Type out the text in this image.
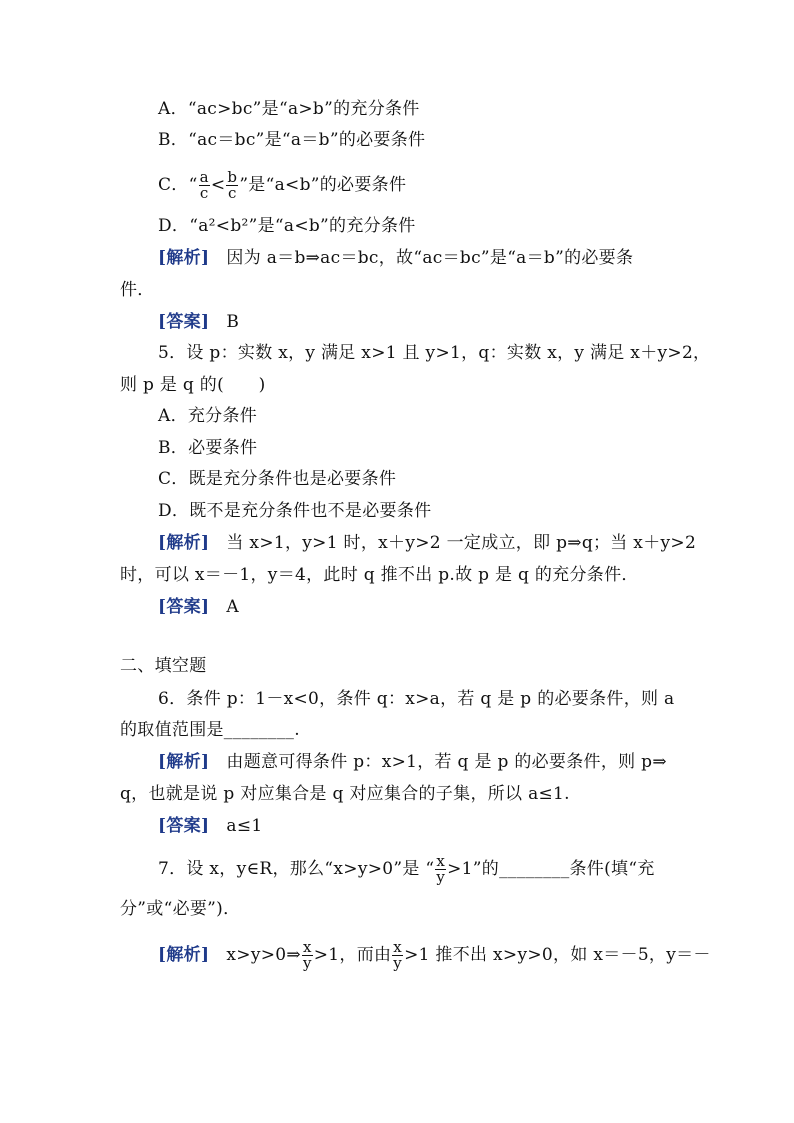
A．“ac>bc”是“a>b”的充分条件
B．“ac＝bc”是“a＝b”的必要条件
C．“ $\frac{a}{c} < \frac{b}{c}$ ”是“a<b”的必要条件
D．“a²<b²”是“a<b”的充分条件
[解析] 因为 a＝b⇒ac＝bc，故“ac＝bc”是“a＝b”的必要条
件．
[答案] B
5．设 p：实数 x，y 满足 x>1 且 y>1，q：实数 x，y 满足 x＋y>2，
则 p 是 q 的(　　)
A．充分条件
B．必要条件
C．既是充分条件也是必要条件
D．既不是充分条件也不是必要条件
[解析] 当 x>1，y>1 时，x＋y>2 一定成立，即 p⇒q；当 x＋y>2
时，可以 x＝－1，y＝4，此时 q 推不出 p.故 p 是 q 的充分条件．
[答案] A
二、填空题
6．条件 p：1－x<0，条件 q：x>a，若 q 是 p 的必要条件，则 a
的取值范围是________.
[解析] 由题意可得条件 p：x>1，若 q 是 p 的必要条件，则 p⇒
q，也就是说 p 对应集合是 q 对应集合的子集，所以 a≤1.
[答案] a≤1
7．设 x，y∈R，那么“x>y>0”是 “ $\frac{x}{y} >1$”的________条件(填“充
分”或“必要”)．
[解析] x>y>0⇒ $\frac{x}{y} >1$，而由 $\frac{x}{y} >1$ 推不出 x>y>0，如 x＝－5，y＝－
